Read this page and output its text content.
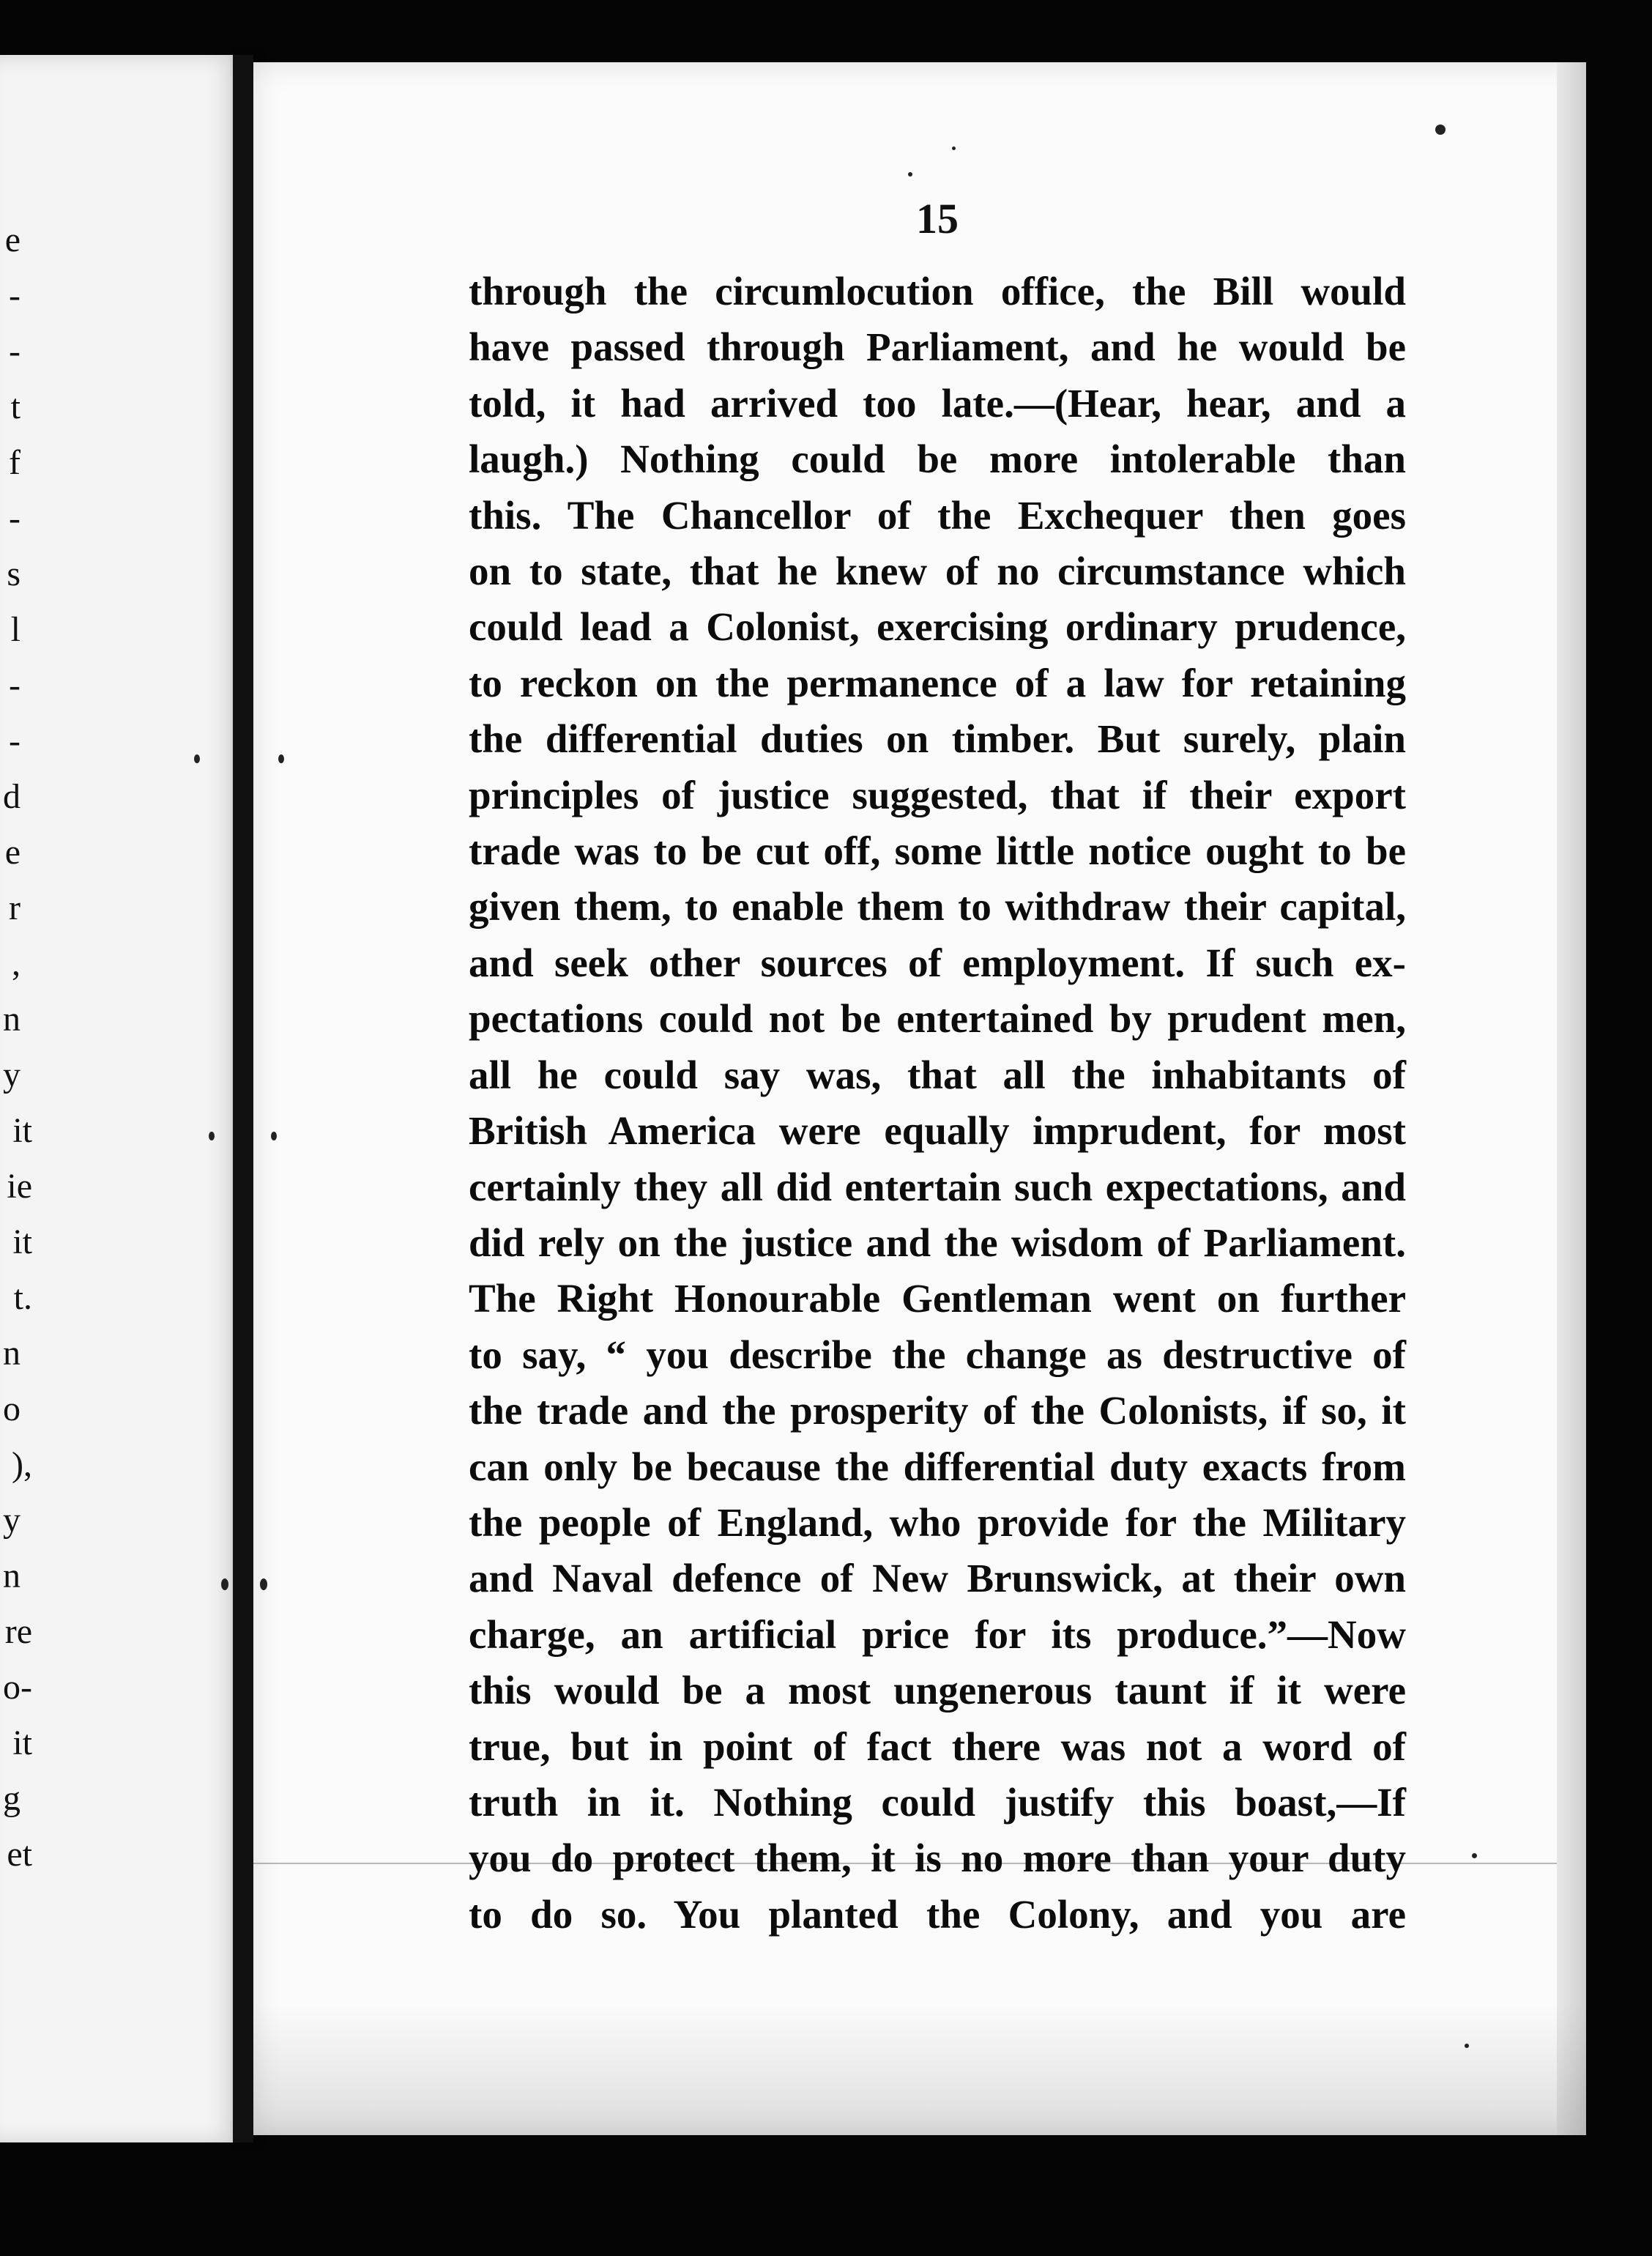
e
-
-
t
f
-
s
l
-
-
d
e
r
,
n
y
it
ie
it
t.
n
o
),
y
n
re
o-
it
g
et
15
through the circumlocution office, the Bill would
have passed through Parliament, and he would be
told, it had arrived too late.—(Hear, hear, and a
laugh.) Nothing could be more intolerable than
this. The Chancellor of the Exchequer then goes
on to state, that he knew of no circumstance which
could lead a Colonist, exercising ordinary prudence,
to reckon on the permanence of a law for retaining
the differential duties on timber. But surely, plain
principles of justice suggested, that if their export
trade was to be cut off, some little notice ought to be
given them, to enable them to withdraw their capital,
and seek other sources of employment. If such ex-
pectations could not be entertained by prudent men,
all he could say was, that all the inhabitants of
British America were equally imprudent, for most
certainly they all did entertain such expectations, and
did rely on the justice and the wisdom of Parliament.
The Right Honourable Gentleman went on further
to say, “ you describe the change as destructive of
the trade and the prosperity of the Colonists, if so, it
can only be because the differential duty exacts from
the people of England, who provide for the Military
and Naval defence of New Brunswick, at their own
charge, an artificial price for its produce.”—Now
this would be a most ungenerous taunt if it were
true, but in point of fact there was not a word of
truth in it. Nothing could justify this boast,—If
you do protect them, it is no more than your duty
to do so. You planted the Colony, and you are
